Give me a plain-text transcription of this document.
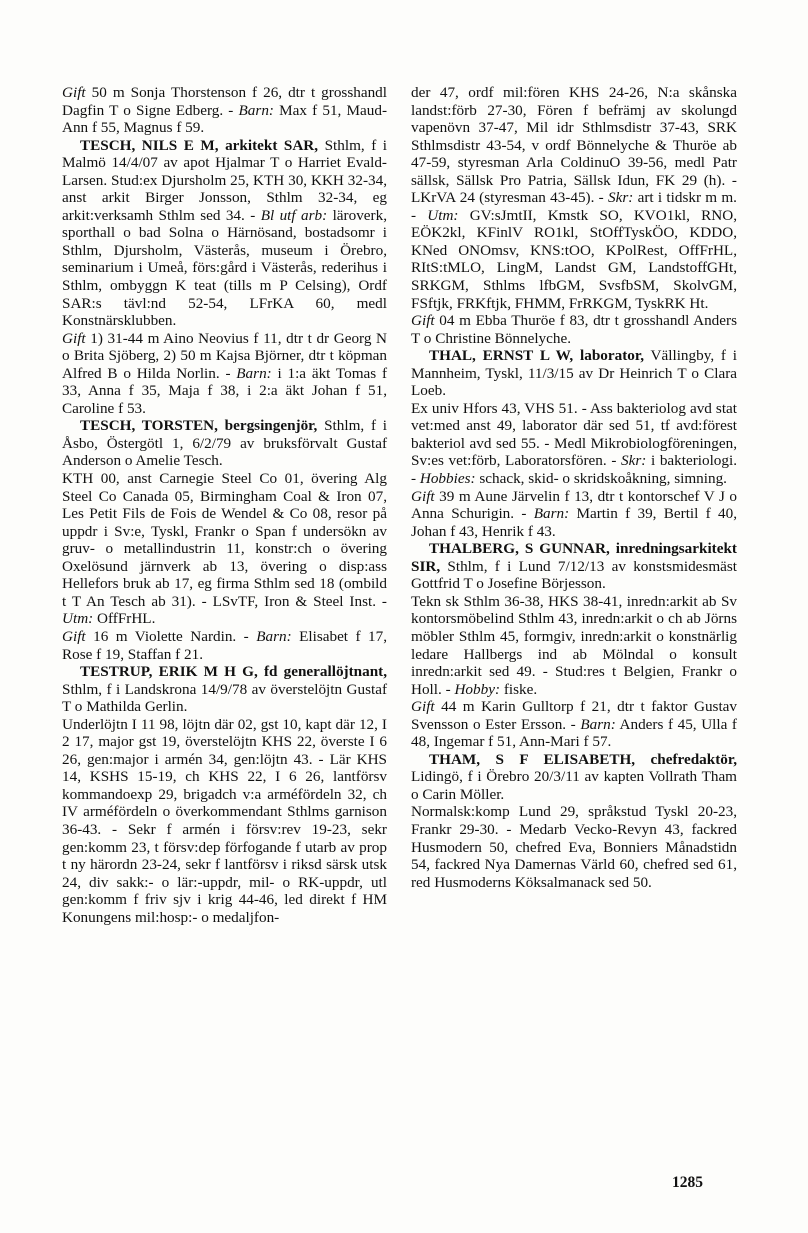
Gift 50 m Sonja Thorstenson f 26, dtr t grosshandl Dagfin T o Signe Edberg. - Barn: Max f 51, Maud-Ann f 55, Magnus f 59.

TESCH, NILS E M, arkitekt SAR, Sthlm, f i Malmö 14/4/07 av apot Hjalmar T o Harriet Evald-Larsen. Stud:ex Djursholm 25, KTH 30, KKH 32-34, anst arkit Birger Jonsson, Sthlm 32-34, eg arkit:verksamh Sthlm sed 34. - Bl utf arb: läroverk, sporthall o bad Solna o Härnösand, bostadsomr i Sthlm, Djursholm, Västerås, museum i Örebro, seminarium i Umeå, förs:gård i Västerås, rederihus i Sthlm, ombyggn K teat (tills m P Celsing), Ordf SAR:s tävl:nd 52-54, LFrKA 60, medl Konstnärsklubben.

Gift 1) 31-44 m Aino Neovius f 11, dtr t dr Georg N o Brita Sjöberg, 2) 50 m Kajsa Björner, dtr t köpman Alfred B o Hilda Norlin. - Barn: i 1:a äkt Tomas f 33, Anna f 35, Maja f 38, i 2:a äkt Johan f 51, Caroline f 53.

TESCH, TORSTEN, bergsingenjör, Sthlm, f i Åsbo, Östergötl 1, 6/2/79 av bruksförvalt Gustaf Anderson o Amelie Tesch.

KTH 00, anst Carnegie Steel Co 01, övering Alg Steel Co Canada 05, Birmingham Coal & Iron 07, Les Petit Fils de Fois de Wendel & Co 08, resor på uppdr i Sv:e, Tyskl, Frankr o Span f undersökn av gruv- o metallindustrin 11, konstr:ch o övering Oxelösund järnverk ab 13, övering o disp:ass Hellefors bruk ab 17, eg firma Sthlm sed 18 (ombild t T An Tesch ab 31). - LSvTF, Iron & Steel Inst. - Utm: OffFrHL.

Gift 16 m Violette Nardin. - Barn: Elisabet f 17, Rose f 19, Staffan f 21.

TESTRUP, ERIK M H G, fd generallöjtnant, Sthlm, f i Landskrona 14/9/78 av överstelöjtn Gustaf T o Mathilda Gerlin.

Underlöjtn I 11 98, löjtn där 02, gst 10, kapt där 12, I 2 17, major gst 19, överstelöjtn KHS 22, överste I 6 26, gen:major i armén 34, gen:löjtn 43. - Lär KHS 14, KSHS 15-19, ch KHS 22, I 6 26, lantförsv kommandoexp 29, brigadch v:a arméfördeln 32, ch IV arméfördeln o överkommendant Sthlms garnison 36-43. - Sekr f armén i försv:rev 19-23, sekr gen:komm 23, t försv:dep förfogande f utarb av prop t ny härordn 23-24, sekr f lantförsv i riksd särsk utsk 24, div sakk:- o lär:-uppdr, mil- o RK-uppdr, utl gen:komm f friv sjv i krig 44-46, led direkt f HM Konungens mil:hosp:- o medaljfon-

der 47, ordf mil:fören KHS 24-26, N:a skånska landst:förb 27-30, Fören f befrämj av skolungd vapenövn 37-47, Mil idr Sthlmsdistr 37-43, SRK Sthlmsdistr 43-54, v ordf Bönnelyche & Thuröe ab 47-59, styresman Arla ColdinuO 39-56, medl Patr sällsk, Sällsk Pro Patria, Sällsk Idun, FK 29 (h). - LKrVA 24 (styresman 43-45). - Skr: art i tidskr m m. - Utm: GV:sJmtII, Kmstk SO, KVO1kl, RNO, EÖK2kl, KFinlV RO1kl, StOffTyskÖO, KDDO, KNed ONOmsv, KNS:tOO, KPolRest, OffFrHL, RItS:tMLO, LingM, Landst GM, LandstoffGHt, SRKGM, Sthlms lfbGM, SvsfbSM, SkolvGM, FSftjk, FRKftjk, FHMM, FrRKGM, TyskRK Ht.

Gift 04 m Ebba Thuröe f 83, dtr t grosshandl Anders T o Christine Bönnelyche.

THAL, ERNST L W, laborator, Vällingby, f i Mannheim, Tyskl, 11/3/15 av Dr Heinrich T o Clara Loeb.

Ex univ Hfors 43, VHS 51. - Ass bakteriolog avd stat vet:med anst 49, laborator där sed 51, tf avd:förest bakteriol avd sed 55. - Medl Mikrobiologföreningen, Sv:es vet:förb, Laboratorsfören. - Skr: i bakteriologi. - Hobbies: schack, skid- o skridskoåkning, simning.

Gift 39 m Aune Järvelin f 13, dtr t kontorschef V J o Anna Schurigin. - Barn: Martin f 39, Bertil f 40, Johan f 43, Henrik f 43.

THALBERG, S GUNNAR, inredningsarkitekt SIR, Sthlm, f i Lund 7/12/13 av konstsmidesmäst Gottfrid T o Josefine Börjesson.

Tekn sk Sthlm 36-38, HKS 38-41, inredn:arkit ab Sv kontorsmöbelind Sthlm 43, inredn:arkit o ch ab Jörns möbler Sthlm 45, formgiv, inredn:arkit o konstnärlig ledare Hallbergs ind ab Mölndal o konsult inredn:arkit sed 49. - Stud:res t Belgien, Frankr o Holl. - Hobby: fiske.

Gift 44 m Karin Gulltorp f 21, dtr t faktor Gustav Svensson o Ester Ersson. - Barn: Anders f 45, Ulla f 48, Ingemar f 51, Ann-Mari f 57.

THAM, S F ELISABETH, chefredaktör, Lidingö, f i Örebro 20/3/11 av kapten Vollrath Tham o Carin Möller.

Normalsk:komp Lund 29, språkstud Tyskl 20-23, Frankr 29-30. - Medarb Vecko-Revyn 43, fackred Husmodern 50, chefred Eva, Bonniers Månadstidn 54, fackred Nya Damernas Värld 60, chefred sed 61, red Husmoderns Köksalmanack sed 50.

1285
